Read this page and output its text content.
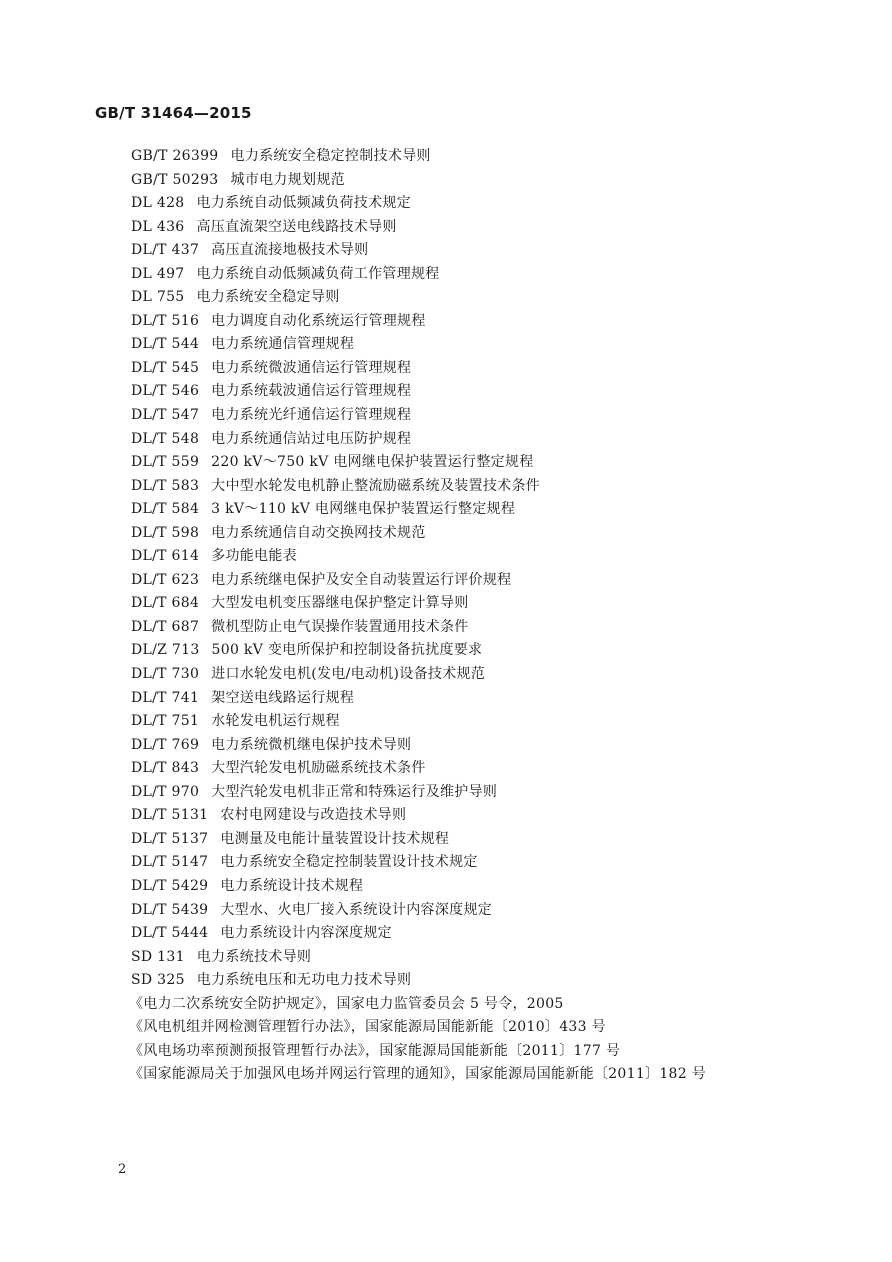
GB/T 31464—2015
GB/T 26399 电力系统安全稳定控制技术导则
GB/T 50293 城市电力规划规范
DL 428 电力系统自动低频减负荷技术规定
DL 436 高压直流架空送电线路技术导则
DL/T 437 高压直流接地极技术导则
DL 497 电力系统自动低频减负荷工作管理规程
DL 755 电力系统安全稳定导则
DL/T 516 电力调度自动化系统运行管理规程
DL/T 544 电力系统通信管理规程
DL/T 545 电力系统微波通信运行管理规程
DL/T 546 电力系统载波通信运行管理规程
DL/T 547 电力系统光纤通信运行管理规程
DL/T 548 电力系统通信站过电压防护规程
DL/T 559 220 kV～750 kV 电网继电保护装置运行整定规程
DL/T 583 大中型水轮发电机静止整流励磁系统及装置技术条件
DL/T 584 3 kV～110 kV 电网继电保护装置运行整定规程
DL/T 598 电力系统通信自动交换网技术规范
DL/T 614 多功能电能表
DL/T 623 电力系统继电保护及安全自动装置运行评价规程
DL/T 684 大型发电机变压器继电保护整定计算导则
DL/T 687 微机型防止电气误操作装置通用技术条件
DL/Z 713 500 kV 变电所保护和控制设备抗扰度要求
DL/T 730 进口水轮发电机(发电/电动机)设备技术规范
DL/T 741 架空送电线路运行规程
DL/T 751 水轮发电机运行规程
DL/T 769 电力系统微机继电保护技术导则
DL/T 843 大型汽轮发电机励磁系统技术条件
DL/T 970 大型汽轮发电机非正常和特殊运行及维护导则
DL/T 5131 农村电网建设与改造技术导则
DL/T 5137 电测量及电能计量装置设计技术规程
DL/T 5147 电力系统安全稳定控制装置设计技术规定
DL/T 5429 电力系统设计技术规程
DL/T 5439 大型水、火电厂接入系统设计内容深度规定
DL/T 5444 电力系统设计内容深度规定
SD 131 电力系统技术导则
SD 325 电力系统电压和无功电力技术导则
《电力二次系统安全防护规定》，国家电力监管委员会 5 号令，2005
《风电机组并网检测管理暂行办法》，国家能源局国能新能〔2010〕433 号
《风电场功率预测预报管理暂行办法》，国家能源局国能新能〔2011〕177 号
《国家能源局关于加强风电场并网运行管理的通知》，国家能源局国能新能〔2011〕182 号
2
